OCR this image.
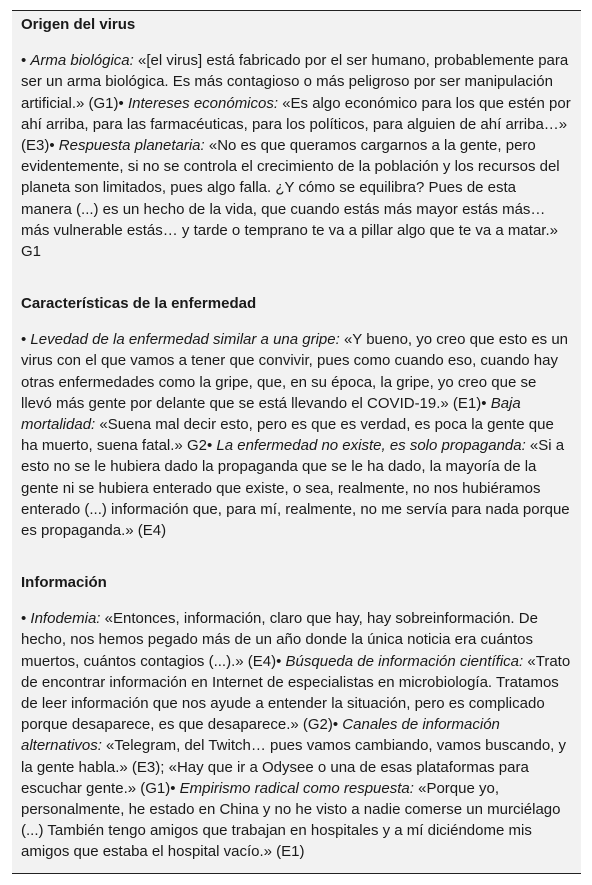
Origen del virus

• Arma biológica: «[el virus] está fabricado por el ser humano, probablemente para ser un arma biológica. Es más contagioso o más peligroso por ser manipulación artificial.» (G1)• Intereses económicos: «Es algo económico para los que estén por ahí arriba, para las farmacéuticas, para los políticos, para alguien de ahí arriba…» (E3)• Respuesta planetaria: «No es que queramos cargarnos a la gente, pero evidentemente, si no se controla el crecimiento de la población y los recursos del planeta son limitados, pues algo falla. ¿Y cómo se equilibra? Pues de esta manera (...) es un hecho de la vida, que cuando estás más mayor estás más… más vulnerable estás… y tarde o temprano te va a pillar algo que te va a matar.» G1

Características de la enfermedad

• Levedad de la enfermedad similar a una gripe: «Y bueno, yo creo que esto es un virus con el que vamos a tener que convivir, pues como cuando eso, cuando hay otras enfermedades como la gripe, que, en su época, la gripe, yo creo que se llevó más gente por delante que se está llevando el COVID-19.» (E1)• Baja mortalidad: «Suena mal decir esto, pero es que es verdad, es poca la gente que ha muerto, suena fatal.» G2• La enfermedad no existe, es solo propaganda: «Si a esto no se le hubiera dado la propaganda que se le ha dado, la mayoría de la gente ni se hubiera enterado que existe, o sea, realmente, no nos hubiéramos enterado (...) información que, para mí, realmente, no me servía para nada porque es propaganda.» (E4)

Información

• Infodemia: «Entonces, información, claro que hay, hay sobreinformación. De hecho, nos hemos pegado más de un año donde la única noticia era cuántos muertos, cuántos contagios (...).» (E4)• Búsqueda de información científica: «Trato de encontrar información en Internet de especialistas en microbiología. Tratamos de leer información que nos ayude a entender la situación, pero es complicado porque desaparece, es que desaparece.» (G2)• Canales de información alternativos: «Telegram, del Twitch… pues vamos cambiando, vamos buscando, y la gente habla.» (E3); «Hay que ir a Odysee o una de esas plataformas para escuchar gente.» (G1)• Empirismo radical como respuesta: «Porque yo, personalmente, he estado en China y no he visto a nadie comerse un murciélago (...) También tengo amigos que trabajan en hospitales y a mí diciéndome mis amigos que estaba el hospital vacío.» (E1)
